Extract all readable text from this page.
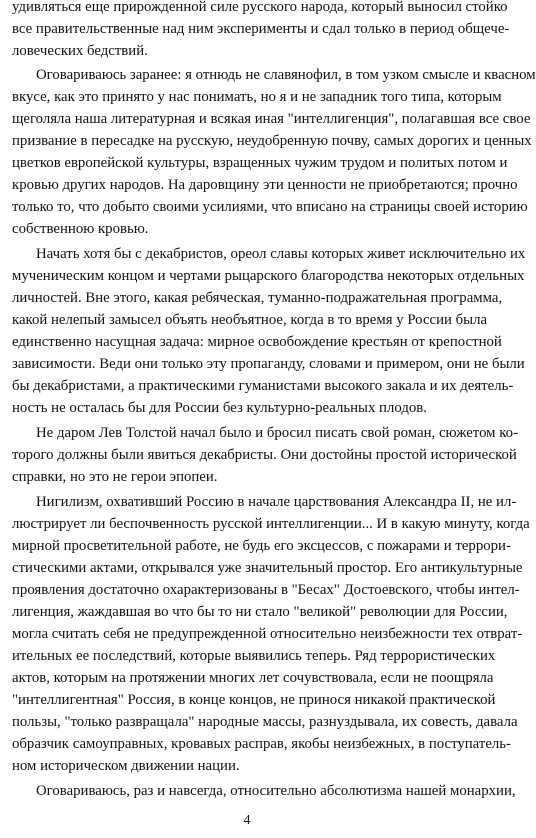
удивляться еще прирожденной силе русского народа, который выносил стойко
все правительственные над ним эксперименты и сдал только в период общече-
ловеческих бедствий.
Оговариваюсь заранее: я отнюдь не славянофил, в том узком смысле и квасном
вкусе, как это принято у нас понимать, но я и не западник того типа, которым
щеголяла наша литературная и всякая иная "интеллигенция", полагавшая все свое
призвание в пересадке на русскую, неудобренную почву, самых дорогих и ценных
цветков европейской культуры, взращенных чужим трудом и политых потом и
кровью других народов. На даровщину эти ценности не приобретаются; прочно
только то, что добыто своими усилиями, что вписано на страницы своей историю
собственною кровью.
Начать хотя бы с декабристов, ореол славы которых живет исключительно их
мученическим концом и чертами рыцарского благородства некоторых отдельных
личностей. Вне этого, какая ребяческая, туманно-подражательная программа,
какой нелепый замысел объять необъятное, когда в то время у России была
единственно насущная задача: мирное освобождение крестьян от крепостной
зависимости. Веди они только эту пропаганду, словами и примером, они не были
бы декабристами, а практическими гуманистами высокого закала и их деятель-
ность не осталась бы для России без культурно-реальных плодов.
Не даром Лев Толстой начал было и бросил писать свой роман, сюжетом ко-
торого должны были явиться декабристы. Они достойны простой исторической
справки, но это не герои эпопеи.
Нигилизм, охвативший Россию в начале царствования Александра II, не ил-
люстрирует ли беспочвенность русской интеллигенции... И в какую минуту, когда
мирной просветительной работе, не будь его эксцессов, с пожарами и террори-
стическими актами, открывался уже значительный простор. Его антикультурные
проявления достаточно охарактеризованы в "Бесах" Достоевского, чтобы интел-
лигенция, жаждавшая во что бы то ни стало "великой" революции для России,
могла считать себя не предупрежденной относительно неизбежности тех отврат-
ительных ее последствий, которые выявились теперь. Ряд террористических
актов, которым на протяжении многих лет сочувствовала, если не поощряла
"интеллигентная" Россия, в конце концов, не принося никакой практической
пользы, "только развращала" народные массы, разнуздывала, их совесть, давала
образчик самоуправных, кровавых расправ, якобы неизбежных, в поступатель-
ном историческом движении нации.
Оговариваюсь, раз и навсегда, относительно абсолютизма нашей монархии,
4
